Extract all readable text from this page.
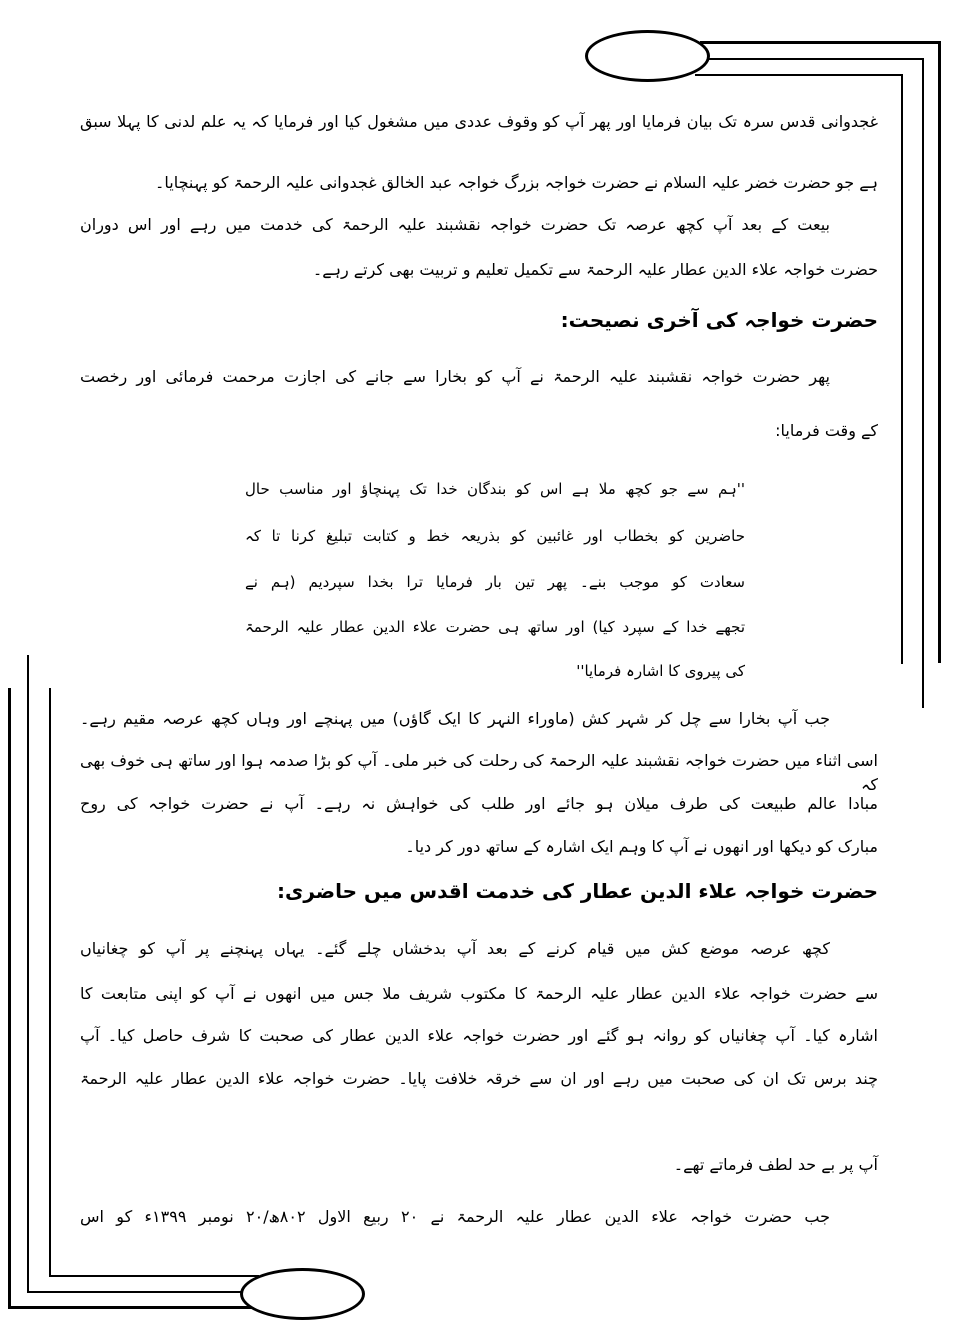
غجدوانی قدس سرہ تک بیان فرمایا اور پھر آپ کو وقوف عددی میں مشغول کیا اور فرمایا کہ یہ علم لدنی کا پہلا سبق
ہے جو حضرت خضر علیہ السلام نے حضرت خواجہ بزرگ خواجہ عبد الخالق غجدوانی علیہ الرحمۃ کو پہنچایا۔
بیعت کے بعد آپ کچھ عرصہ تک حضرت خواجہ نقشبند علیہ الرحمۃ کی خدمت میں رہے اور اس دوران
حضرت خواجہ علاء الدین عطار علیہ الرحمۃ سے تکمیل تعلیم و تربیت بھی کرتے رہے۔
حضرت خواجہ کی آخری نصیحت:
پھر حضرت خواجہ نقشبند علیہ الرحمۃ نے آپ کو بخارا سے جانے کی اجازت مرحمت فرمائی اور رخصت
کے وقت فرمایا:
''ہم سے جو کچھ ملا ہے اس کو بندگان خدا تک پہنچاؤ اور مناسب حال
حاضرین کو بخطاب اور غائبین کو بذریعہ خط و کتابت تبلیغ کرنا تا کہ
سعادت کو موجب بنے۔ پھر تین بار فرمایا ترا بخدا سپردیم (ہم نے
تجھے خدا کے سپرد کیا) اور ساتھ ہی حضرت علاء الدین عطار علیہ الرحمۃ
کی پیروی کا اشارہ فرمایا''
جب آپ بخارا سے چل کر شہر کش (ماوراء النہر کا ایک گاؤں) میں پہنچے اور وہاں کچھ عرصہ مقیم رہے۔
اسی اثناء میں حضرت خواجہ نقشبند علیہ الرحمۃ کی رحلت کی خبر ملی۔ آپ کو بڑا صدمہ ہوا اور ساتھ ہی خوف بھی کہ
مبادا عالم طبیعت کی طرف میلان ہو جائے اور طلب کی خواہش نہ رہے۔ آپ نے حضرت خواجہ کی روح
مبارک کو دیکھا اور انھوں نے آپ کا وہم ایک اشارہ کے ساتھ دور کر دیا۔
حضرت خواجہ علاء الدین عطار کی خدمت اقدس میں حاضری:
کچھ عرصہ موضع کش میں قیام کرنے کے بعد آپ بدخشاں چلے گئے۔ یہاں پہنچنے پر آپ کو چغانیاں
سے حضرت خواجہ علاء الدین عطار علیہ الرحمۃ کا مکتوب شریف ملا جس میں انھوں نے آپ کو اپنی متابعت کا
اشارہ کیا۔ آپ چغانیاں کو روانہ ہو گئے اور حضرت خواجہ علاء الدین عطار کی صحبت کا شرف حاصل کیا۔ آپ
چند برس تک ان کی صحبت میں رہے اور ان سے خرقہ خلافت پایا۔ حضرت خواجہ علاء الدین عطار علیہ الرحمۃ
آپ پر بے حد لطف فرماتے تھے۔
جب حضرت خواجہ علاء الدین عطار علیہ الرحمۃ نے ۲۰ ربیع الاول ۸۰۲ھ/۲۰ نومبر ۱۳۹۹ء کو اس
